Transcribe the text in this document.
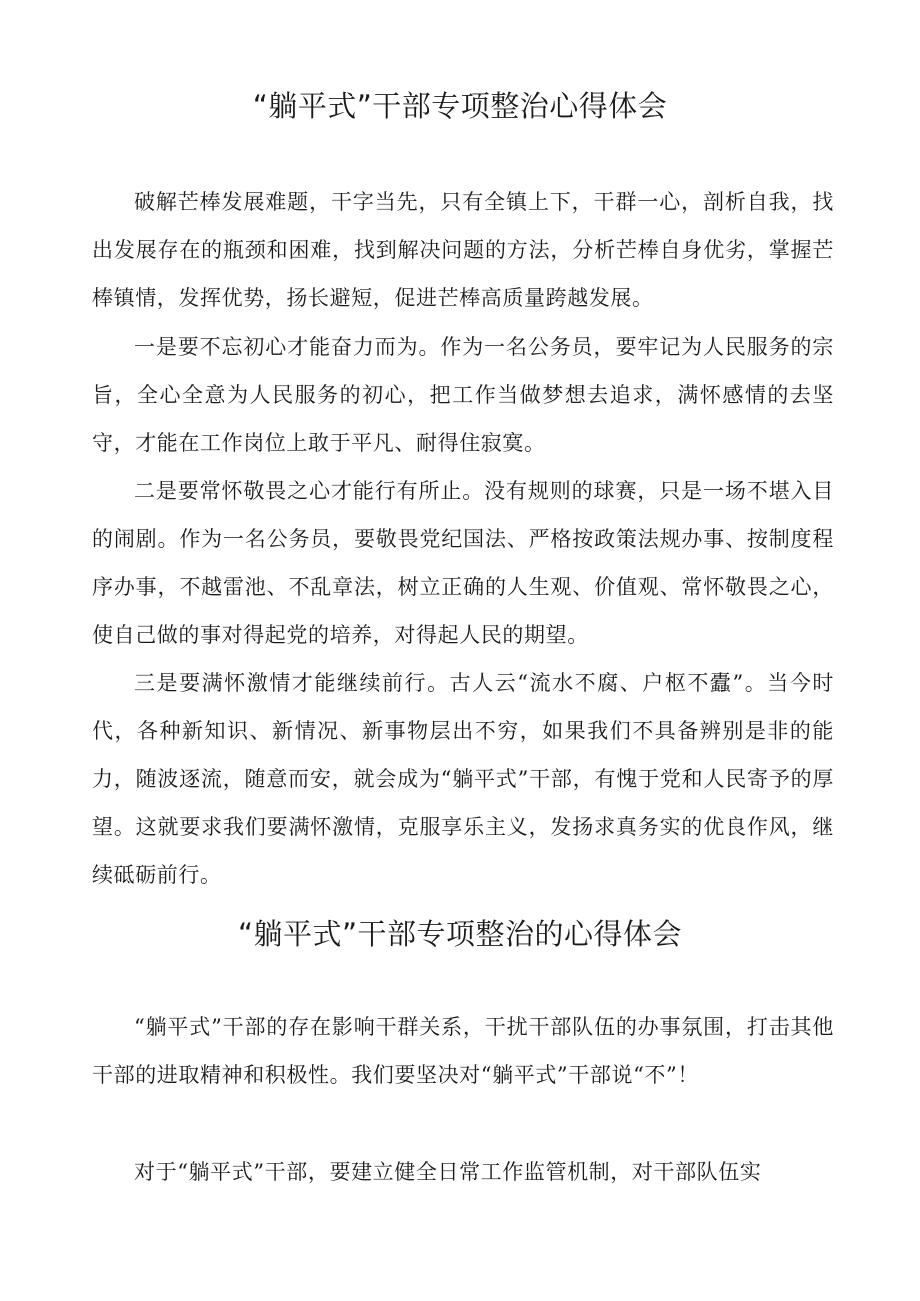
“躺平式”干部专项整治心得体会

破解芒棒发展难题，干字当先，只有全镇上下，干群一心，剖析自我，找出发展存在的瓶颈和困难，找到解决问题的方法，分析芒棒自身优劣，掌握芒棒镇情，发挥优势，扬长避短，促进芒棒高质量跨越发展。

一是要不忘初心才能奋力而为。作为一名公务员，要牢记为人民服务的宗旨，全心全意为人民服务的初心，把工作当做梦想去追求，满怀感情的去坚守，才能在工作岗位上敢于平凡、耐得住寂寞。

二是要常怀敬畏之心才能行有所止。没有规则的球赛，只是一场不堪入目的闹剧。作为一名公务员，要敬畏党纪国法、严格按政策法规办事、按制度程序办事，不越雷池、不乱章法，树立正确的人生观、价值观、常怀敬畏之心，使自己做的事对得起党的培养，对得起人民的期望。

三是要满怀激情才能继续前行。古人云“流水不腐、户枢不蠹”。当今时代，各种新知识、新情况、新事物层出不穷，如果我们不具备辨别是非的能力，随波逐流，随意而安，就会成为“躺平式”干部，有愧于党和人民寄予的厚望。这就要求我们要满怀激情，克服享乐主义，发扬求真务实的优良作风，继续砥砺前行。

“躺平式”干部专项整治的心得体会

“躺平式”干部的存在影响干群关系，干扰干部队伍的办事氛围，打击其他干部的进取精神和积极性。我们要坚决对“躺平式”干部说“不”！

对于“躺平式”干部，要建立健全日常工作监管机制，对干部队伍实
